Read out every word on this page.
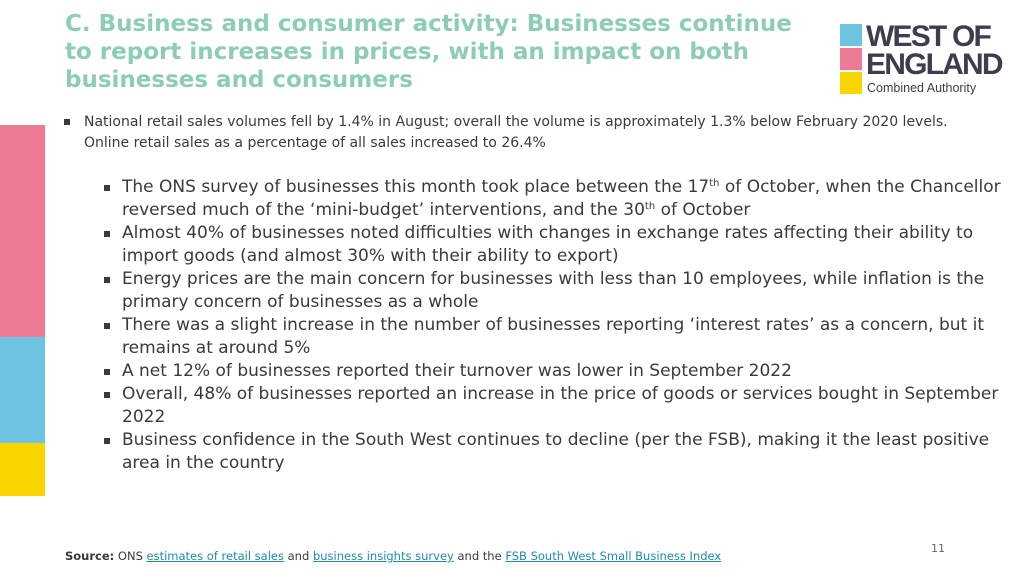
C. Business and consumer activity: Businesses continue to report increases in prices, with an impact on both businesses and consumers
WEST OF
ENGLAND
Combined Authority

National retail sales volumes fell by 1.4% in August; overall the volume is approximately 1.3% below February 2020 levels. Online retail sales as a percentage of all sales increased to 26.4%

The ONS survey of businesses this month took place between the 17th of October, when the Chancellor reversed much of the ‘mini-budget’ interventions, and the 30th of October
Almost 40% of businesses noted difficulties with changes in exchange rates affecting their ability to import goods (and almost 30% with their ability to export)
Energy prices are the main concern for businesses with less than 10 employees, while inflation is the primary concern of businesses as a whole
There was a slight increase in the number of businesses reporting ‘interest rates’ as a concern, but it remains at around 5%
A net 12% of businesses reported their turnover was lower in September 2022
Overall, 48% of businesses reported an increase in the price of goods or services bought in September 2022
Business confidence in the South West continues to decline (per the FSB), making it the least positive area in the country
Source: ONS estimates of retail sales and business insights survey and the FSB South West Small Business Index
11
